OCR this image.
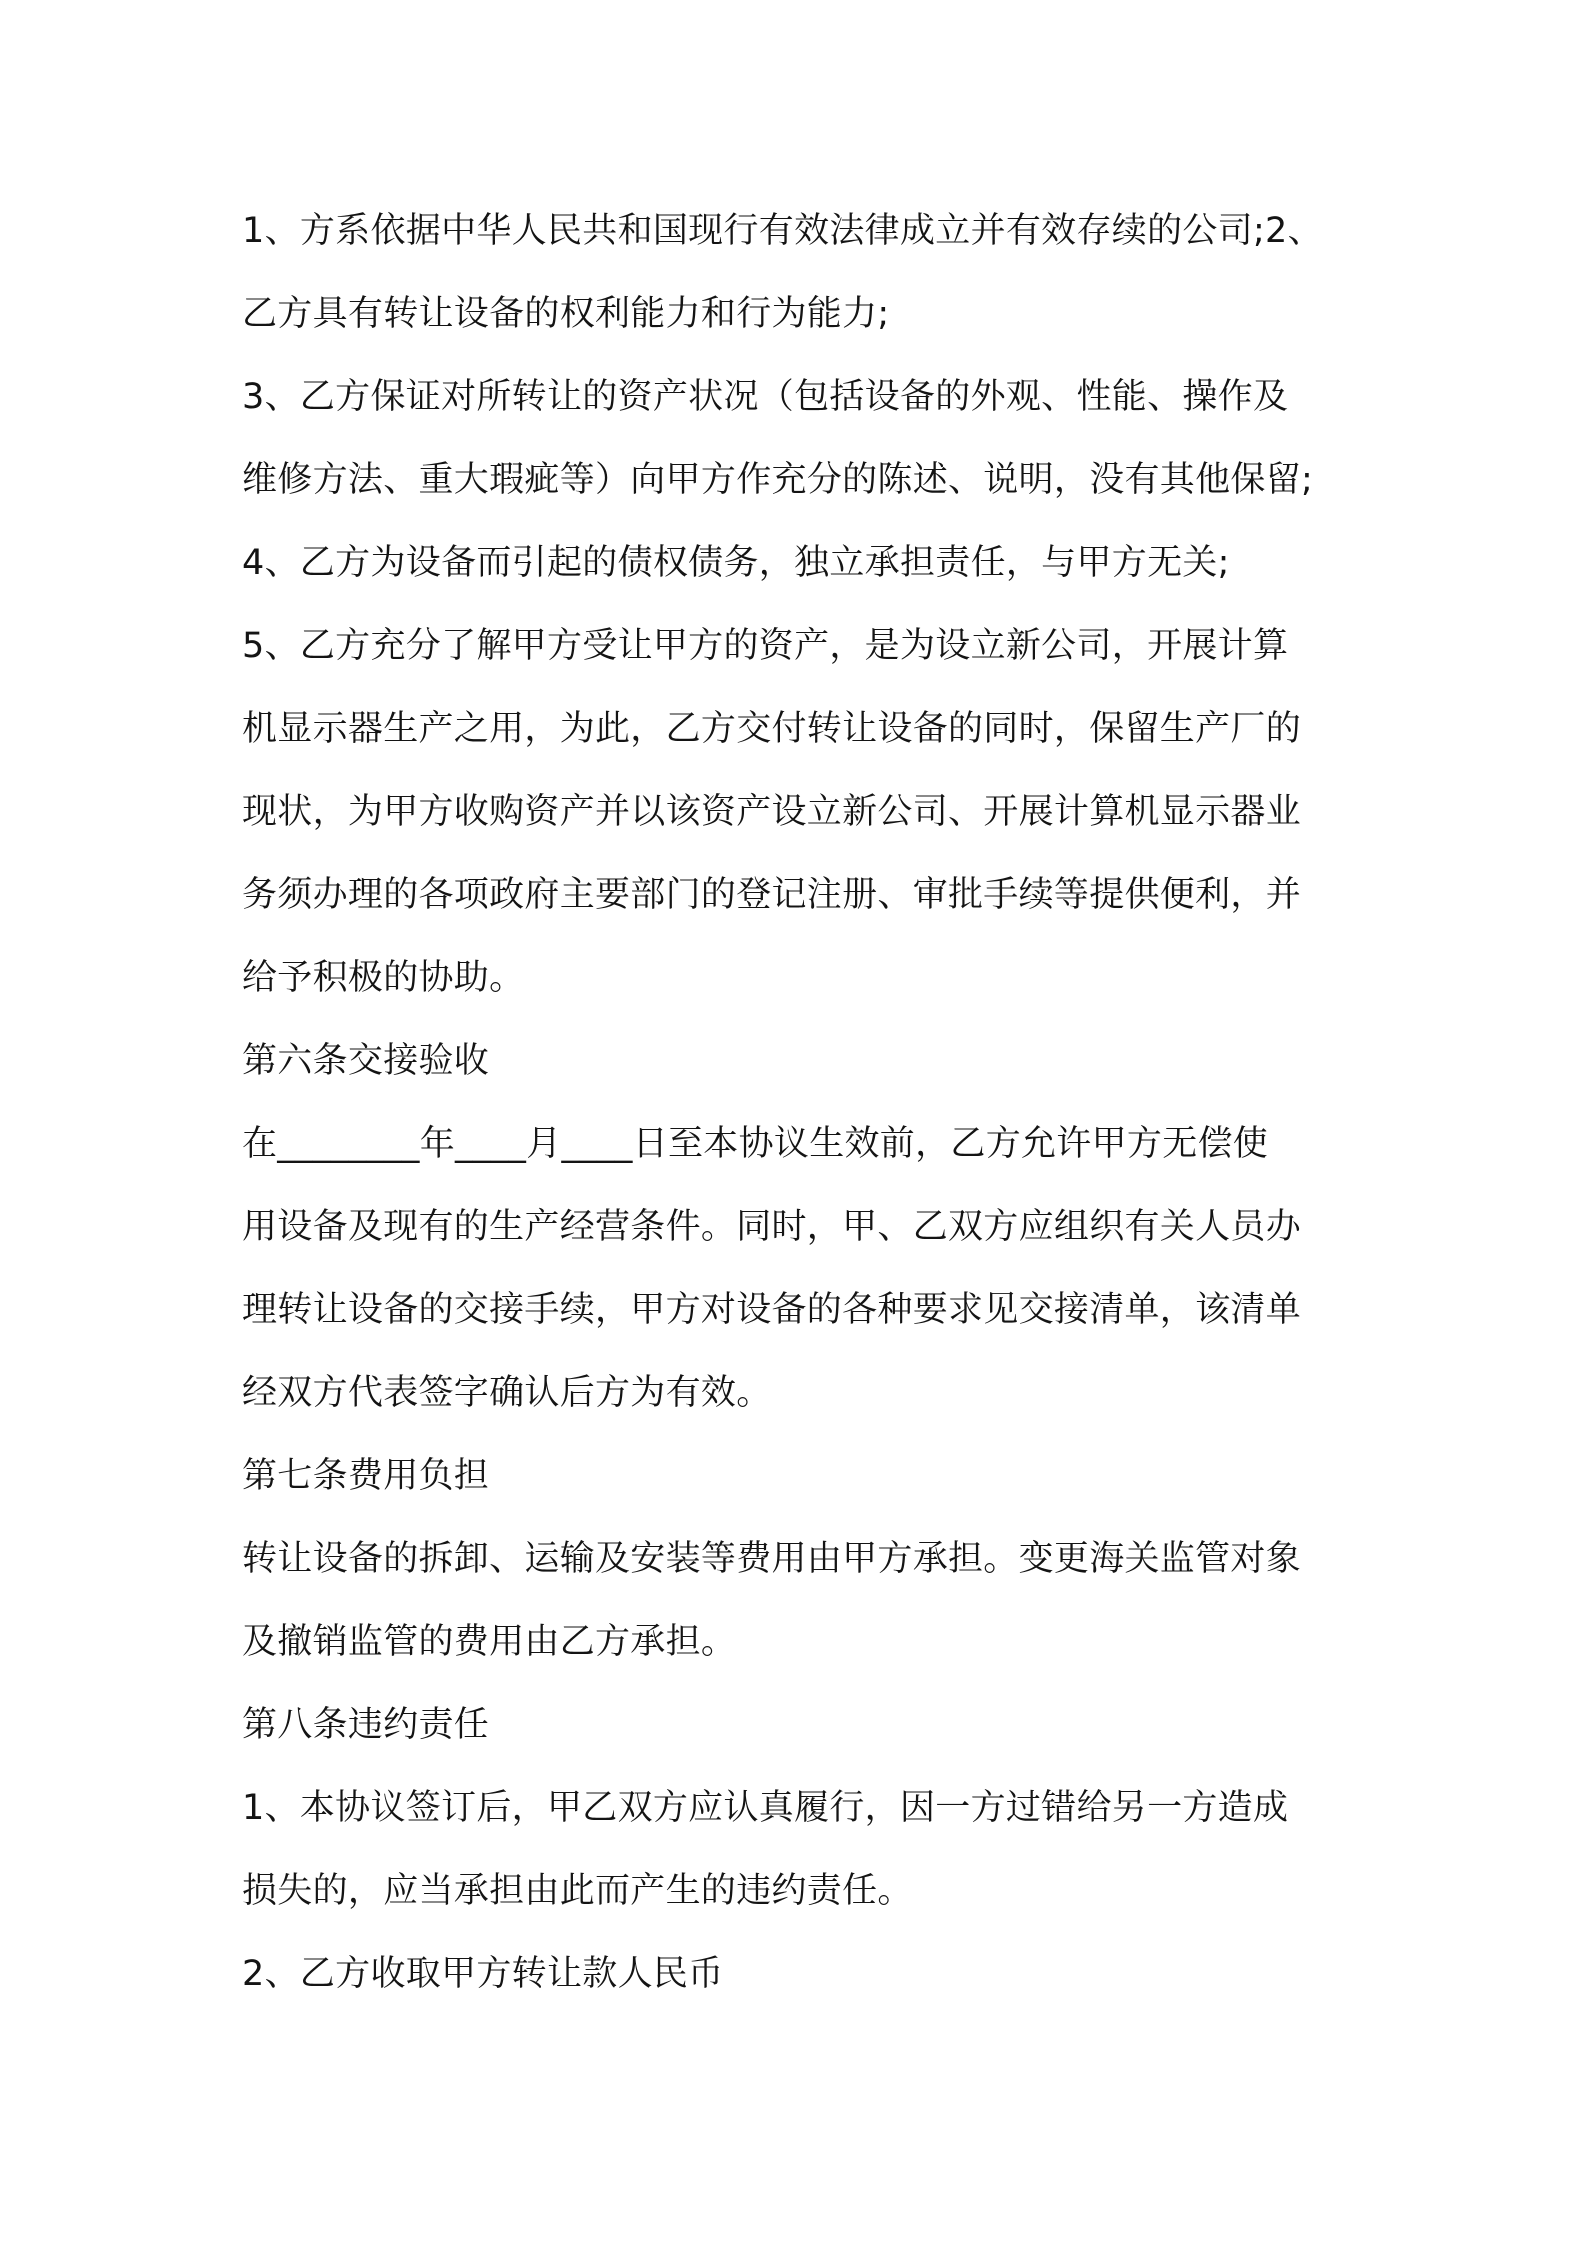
1、方系依据中华人民共和国现行有效法律成立并有效存续的公司;2、
乙方具有转让设备的权利能力和行为能力;
3、乙方保证对所转让的资产状况（包括设备的外观、性能、操作及
维修方法、重大瑕疵等）向甲方作充分的陈述、说明，没有其他保留;
4、乙方为设备而引起的债权债务，独立承担责任，与甲方无关;
5、乙方充分了解甲方受让甲方的资产，是为设立新公司，开展计算
机显示器生产之用，为此，乙方交付转让设备的同时，保留生产厂的
现状，为甲方收购资产并以该资产设立新公司、开展计算机显示器业
务须办理的各项政府主要部门的登记注册、审批手续等提供便利，并
给予积极的协助。
第六条交接验收
在________年____月____日至本协议生效前，乙方允许甲方无偿使
用设备及现有的生产经营条件。同时，甲、乙双方应组织有关人员办
理转让设备的交接手续，甲方对设备的各种要求见交接清单，该清单
经双方代表签字确认后方为有效。
第七条费用负担
转让设备的拆卸、运输及安装等费用由甲方承担。变更海关监管对象
及撤销监管的费用由乙方承担。
第八条违约责任
1、本协议签订后，甲乙双方应认真履行，因一方过错给另一方造成
损失的，应当承担由此而产生的违约责任。
2、乙方收取甲方转让款人民币
